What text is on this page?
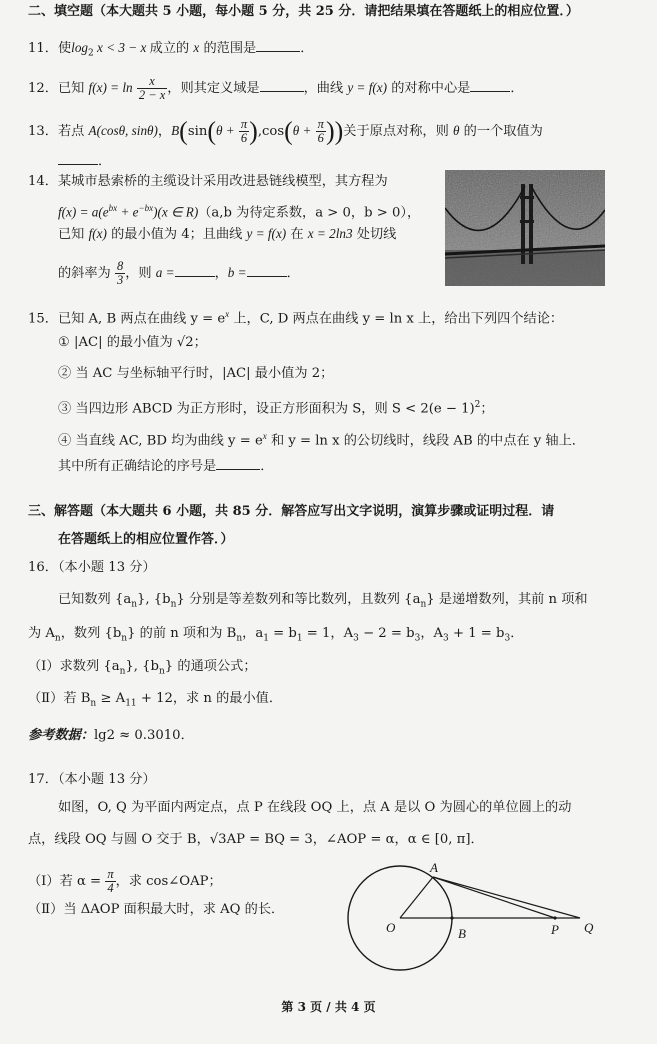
二、填空题（本大题共 5 小题，每小题 5 分，共 25 分．请把结果填在答题纸上的相应位置．）
11．使$\log_2 x < 3 - x$ 成立的 x 的范围是	．
12．已知 $f(x) = \ln \frac{x}{2 - x}$ ，则其定义域是	，曲线 y = f(x) 的对称中心是	．
13．若点 A(cosθ, sinθ)，$B(\sin(\theta + \frac{\pi}{6} ),\cos(\theta + \frac{\pi}{6}$ ))关于原点对称，则 θ 的一个取值为
．
14．某城市悬索桥的主缆设计采用改进悬链线模型，其方程为
$f(x) = a(e^{bx} + e^{-bx})(x$ ∈ R)（a,b 为待定系数，a > 0，b > 0），
已知 f(x) 的最小值为 4；且曲线 y = f(x) 在 x = 2ln3 处切线
的斜率为 $\frac{8}{3}$ ，则 a =	，b =	．
15．已知 A, B 两点在曲线 $y = e^x$ 上，C, D 两点在曲线 y = ln x 上，给出下列四个结论：
① |AC| 的最小值为 √2；
② 当 AC 与坐标轴平行时，|AC| 最小值为 2；
③ 当四边形 ABCD 为正方形时，设正方形面积为 S，则 $S < 2(e - 1)^2$；
④ 当直线 AC, BD 均为曲线 $y = e^x$ 和 y = ln x 的公切线时，线段 AB 的中点在 y 轴上．
其中所有正确结论的序号是	．
三、解答题（本大题共 6 小题，共 85 分．解答应写出文字说明，演算步骤或证明过程．请
在答题纸上的相应位置作答．）
16．（本小题 13 分）
已知数列 $\{a_n\}$, $\{b_n\}$ 分别是等差数列和等比数列，且数列 $\{a_n\}$ 是递增数列，其前 n 项和
为 $A_n$，数列 $\{b_n\}$ 的前 n 项和为 $B_n$，$a_1 = b_1 = 1$，$A_3 - 2 = b_3$，$A_3 + 1 = b_3$．
（Ⅰ）求数列 $\{a_n\}$, $\{b_n\}$ 的通项公式；
（Ⅱ）若 $B_n \ge A_{11} + 12$，求 n 的最小值．
参考数据：lg2 ≈ 0.3010．
17．（本小题 13 分）
如图，O, Q 为平面内两定点，点 P 在线段 OQ 上，点 A 是以 O 为圆心的单位圆上的动
点，线段 OQ 与圆 O 交于 B，√3AP = BQ = 3，∠AOP = α，α ∈ [0, π]．
（Ⅰ）若 $\alpha = \frac{\pi}{4}$ ，求 cos∠OAP；
（Ⅱ）当 ΔAOP 面积最大时，求 AQ 的长．
A
O	B	P Q
第 3 页 / 共 4 页
